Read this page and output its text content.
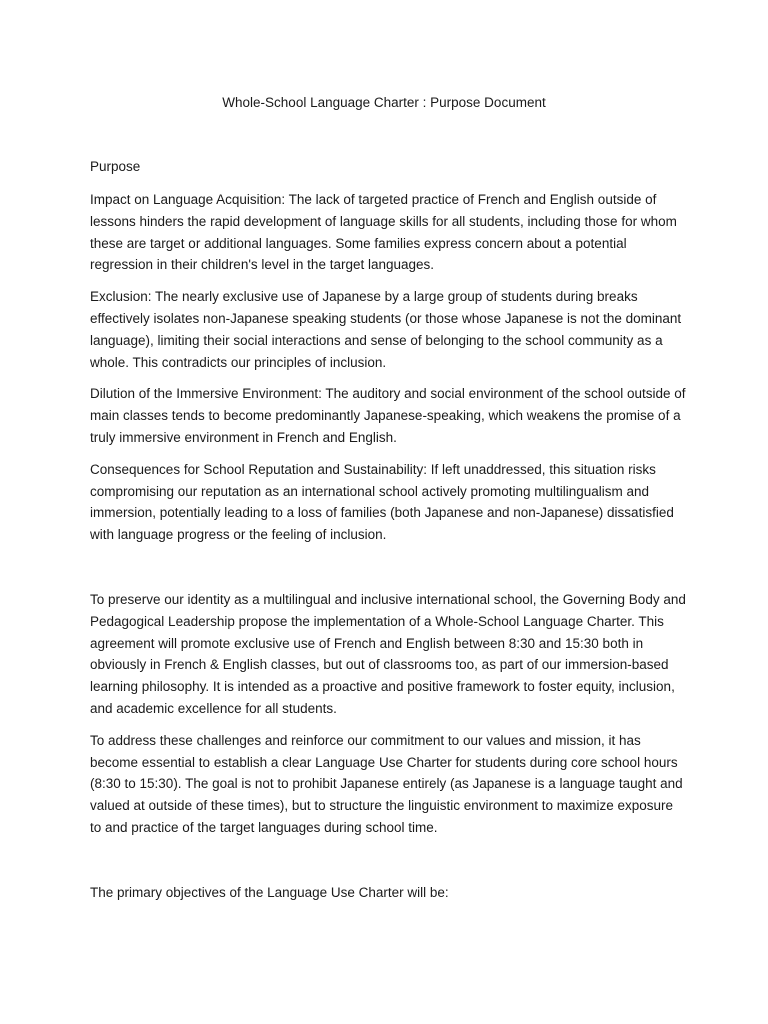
Whole-School Language Charter : Purpose Document

Purpose

Impact on Language Acquisition: The lack of targeted practice of French and English outside of lessons hinders the rapid development of language skills for all students, including those for whom these are target or additional languages. Some families express concern about a potential regression in their children's level in the target languages.

Exclusion: The nearly exclusive use of Japanese by a large group of students during breaks effectively isolates non-Japanese speaking students (or those whose Japanese is not the dominant language), limiting their social interactions and sense of belonging to the school community as a whole. This contradicts our principles of inclusion.

Dilution of the Immersive Environment: The auditory and social environment of the school outside of main classes tends to become predominantly Japanese-speaking, which weakens the promise of a truly immersive environment in French and English.

Consequences for School Reputation and Sustainability: If left unaddressed, this situation risks compromising our reputation as an international school actively promoting multilingualism and immersion, potentially leading to a loss of families (both Japanese and non-Japanese) dissatisfied with language progress or the feeling of inclusion.

To preserve our identity as a multilingual and inclusive international school, the Governing Body and Pedagogical Leadership propose the implementation of a Whole-School Language Charter. This agreement will promote exclusive use of French and English between 8:30 and 15:30 both in obviously in French & English classes, but out of classrooms too, as part of our immersion-based learning philosophy. It is intended as a proactive and positive framework to foster equity, inclusion, and academic excellence for all students.

To address these challenges and reinforce our commitment to our values and mission, it has become essential to establish a clear Language Use Charter for students during core school hours (8:30 to 15:30). The goal is not to prohibit Japanese entirely (as Japanese is a language taught and valued at outside of these times), but to structure the linguistic environment to maximize exposure to and practice of the target languages during school time.

The primary objectives of the Language Use Charter will be:
